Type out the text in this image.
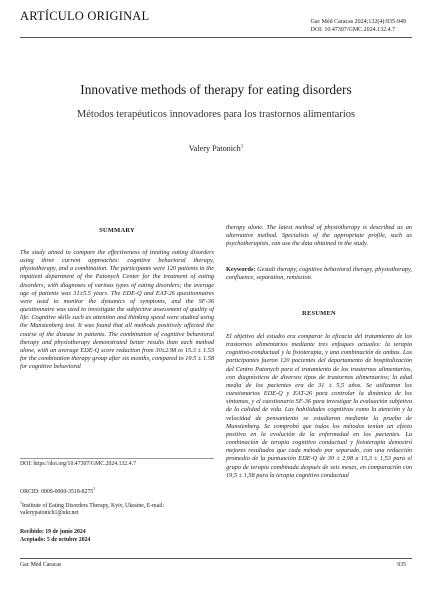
ARTÍCULO ORIGINAL	Gac Méd Caracas 2024;132(4):935-949
DOI: 10.47307/GMC.2024.132.4.7
Innovative methods of therapy for eating disorders
Métodos terapéuticos innovadores para los trastornos alimentarios
Valery Patonich$^1$
SUMMARY
The study aimed to compare the effectiveness of treating eating disorders using three current approaches: cognitive behavioral therapy, physiotherapy, and a combination. The participants were 120 patients in the inpatient department of the Patonych Center for the treatment of eating disorders, with diagnoses of various types of eating disorders; the average age of patients was 31±5.5 years. The EDE-Q and EAT-26 questionnaires were used to monitor the dynamics of symptoms, and the SF-36 questionnaire was used to investigate the subjective assessment of quality of life. Cognitive skills such as attention and thinking speed were studied using the Munstenberg test. It was found that all methods positively affected the course of the disease in patients. The combination of cognitive behavioral therapy and physiotherapy demonstrated better results than each method alone, with an average EDE-Q score reduction from 30±2.98 to 15.3 ± 1.53 for the combination therapy group after six months, compared to 19.5 ± 1.58 for cognitive behavioral
therapy alone. The latest method of physiotherapy is described as an alternative method. Specialists of the appropriate profile, such as psychotherapists, can use the data obtained in the study.
Keywords: Gestalt therapy, cognitive behavioral therapy, physiotherapy, confluence, separation, remission.
RESUMEN
El objetivo del estudio era comparar la eficacia del tratamiento de los trastornos alimentarios mediante tres enfoques actuales: la terapia cognitivo-conductual y la fisioterapia, y una combinación de ambas. Los participantes fueron 120 pacientes del departamento de hospitalización del Centro Patonych para el tratamiento de los trastornos alimentarios, con diagnósticos de diversos tipos de trastornos alimentarios; la edad media de los pacientes era de 31 ± 5,5 años. Se utilizaron los cuestionarios EDE-Q y EAT-26 para controlar la dinámica de los síntomas, y el cuestionario SF-36 para investigar la evaluación subjetiva de la calidad de vida. Las habilidades cognitivas como la atención y la velocidad de pensamiento se estudiaron mediante la prueba de Munstenberg. Se comprobó que todos los métodos tenían un efecto positivo en la evolución de la enfermedad en los pacientes. La combinación de terapia cognitivo conductual y fisioterapia demostró mejores resultados que cada método por separado, con una reducción promedio de la puntuación EDE-Q de 30 ± 2,98 a 15,3 ± 1,53 para el grupo de terapia combinada después de seis meses, en comparación con 19,5 ± 1,58 para la terapia cognitivo conductual
DOI: https://doi.org/10.47307/GMC.2024.132.4.7
ORCID: 0009-0000-3518-8275$^1$
$^1$Institute of Eating Disorders Therapy, Kyiv, Ukraine, E-mail: valerypatonich1@ukr.net
Recibido: 19 de junio 2024
Aceptado: 5 de octubre 2024
Gac Méd Caracas	935
